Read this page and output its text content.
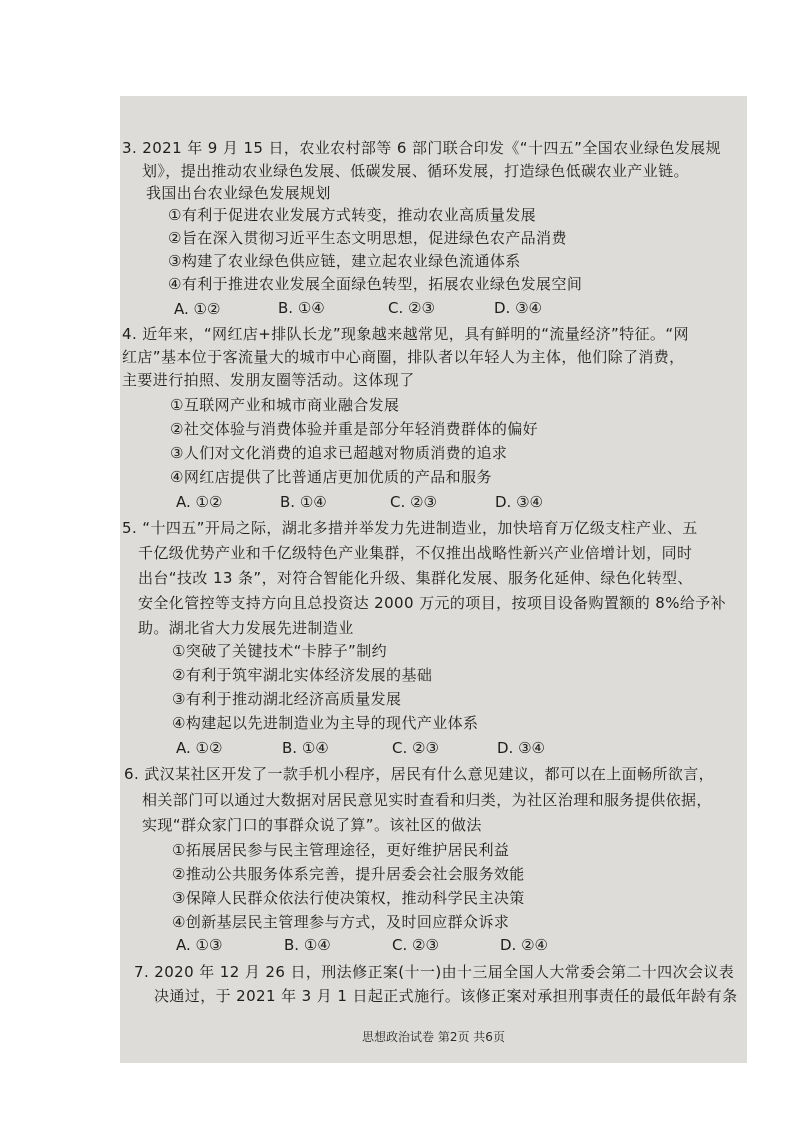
3. 2021 年 9 月 15 日，农业农村部等 6 部门联合印发《“十四五”全国农业绿色发展规
划》，提出推动农业绿色发展、低碳发展、循环发展，打造绿色低碳农业产业链。
我国出台农业绿色发展规划
①有利于促进农业发展方式转变，推动农业高质量发展
②旨在深入贯彻习近平生态文明思想，促进绿色农产品消费
③构建了农业绿色供应链，建立起农业绿色流通体系
④有利于推进农业发展全面绿色转型，拓展农业绿色发展空间
A. ①②	B. ①④	C. ②③	D. ③④
4. 近年来，“网红店+排队长龙”现象越来越常见，具有鲜明的“流量经济”特征。“网
红店”基本位于客流量大的城市中心商圈，排队者以年轻人为主体，他们除了消费，
主要进行拍照、发朋友圈等活动。这体现了
①互联网产业和城市商业融合发展
②社交体验与消费体验并重是部分年轻消费群体的偏好
③人们对文化消费的追求已超越对物质消费的追求
④网红店提供了比普通店更加优质的产品和服务
A. ①②	B. ①④	C. ②③	D. ③④
5. “十四五”开局之际，湖北多措并举发力先进制造业，加快培育万亿级支柱产业、五
千亿级优势产业和千亿级特色产业集群，不仅推出战略性新兴产业倍增计划，同时
出台“技改 13 条”，对符合智能化升级、集群化发展、服务化延伸、绿色化转型、
安全化管控等支持方向且总投资达 2000 万元的项目，按项目设备购置额的 8%给予补
助。湖北省大力发展先进制造业
①突破了关键技术“卡脖子”制约
②有利于筑牢湖北实体经济发展的基础
③有利于推动湖北经济高质量发展
④构建起以先进制造业为主导的现代产业体系
A. ①②	B. ①④	C. ②③	D. ③④
6. 武汉某社区开发了一款手机小程序，居民有什么意见建议，都可以在上面畅所欲言，
相关部门可以通过大数据对居民意见实时查看和归类，为社区治理和服务提供依据，
实现“群众家门口的事群众说了算”。该社区的做法
①拓展居民参与民主管理途径，更好维护居民利益
②推动公共服务体系完善，提升居委会社会服务效能
③保障人民群众依法行使决策权，推动科学民主决策
④创新基层民主管理参与方式，及时回应群众诉求
A. ①③	B. ①④	C. ②③	D. ②④
7. 2020 年 12 月 26 日，刑法修正案(十一)由十三届全国人大常委会第二十四次会议表
决通过，于 2021 年 3 月 1 日起正式施行。该修正案对承担刑事责任的最低年龄有条
思想政治试卷 第2页 共6页
